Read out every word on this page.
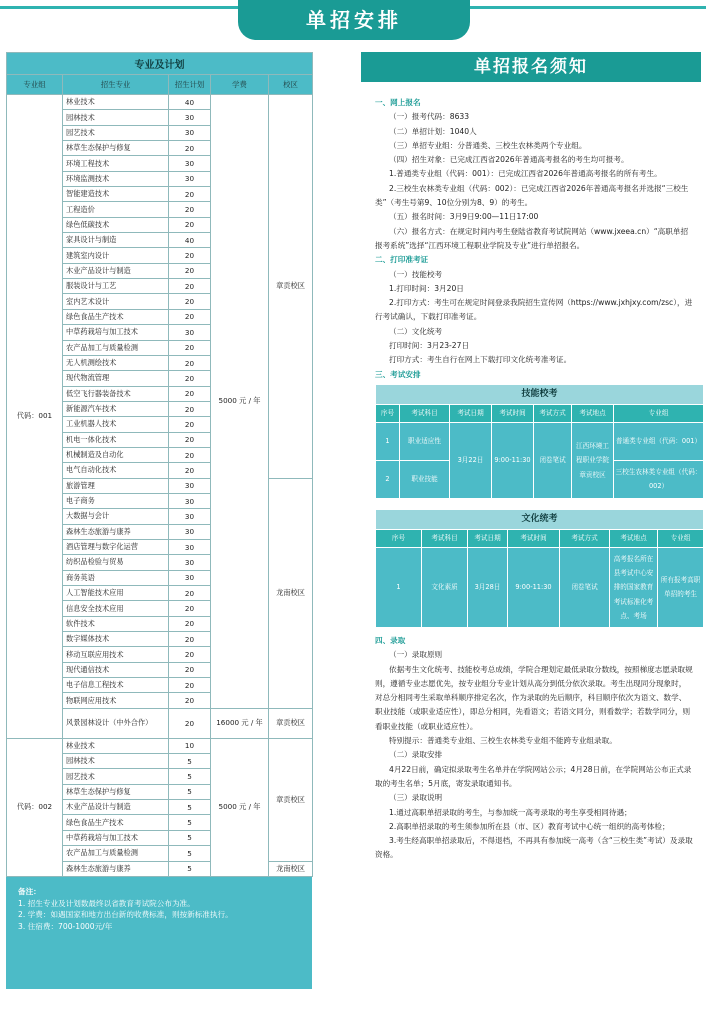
单招安排
专业及计划				
专业组	招生专业	招生计划	学费	校区
代码：001	林业技术	40	5000 元 / 年	章贡校区
	园林技术	30		
	园艺技术	30		
	林草生态保护与修复	20		
	环境工程技术	30		
	环境监测技术	30		
	智能建造技术	20		
	工程造价	20		
	绿色低碳技术	20		
	家具设计与制造	40		
	建筑室内设计	20		
	木业产品设计与制造	20		
	服装设计与工艺	20		
	室内艺术设计	20		
	绿色食品生产技术	20		
	中草药栽培与加工技术	30		
	农产品加工与质量检测	20		
	无人机测绘技术	20		
	现代物流管理	20		
	低空飞行器装备技术	20		
	新能源汽车技术	20		
	工业机器人技术	20		
	机电一体化技术	20		
	机械制造及自动化	20		
	电气自动化技术	20		
	旅游管理	30		龙南校区
	电子商务	30		
	大数据与会计	30		
	森林生态旅游与康养	30		
	酒店管理与数字化运营	30		
	纺织品检验与贸易	30		
	商务英语	30		
	人工智能技术应用	20		
	信息安全技术应用	20		
	软件技术	20		
	数字媒体技术	20		
	移动互联应用技术	20		
	现代通信技术	20		
	电子信息工程技术	20		
	物联网应用技术	20		
	风景园林设计（中外合作）	20	16000 元 / 年	章贡校区
代码：002	林业技术	10	5000 元 / 年	章贡校区
	园林技术	5		
	园艺技术	5		
	林草生态保护与修复	5		
	木业产品设计与制造	5		
	绿色食品生产技术	5		
	中草药栽培与加工技术	5		
	农产品加工与质量检测	5		
	森林生态旅游与康养	5		龙南校区
备注：
1. 招生专业及计划数最终以省教育考试院公布为准。
2. 学费：如遇国家和地方出台新的收费标准，则按新标准执行。
3. 住宿费：700-1000元/年
单招报名须知

一、网上报名

（一）报考代码：8633

（二）单招计划：1040人

（三）单招专业组：分普通类、三校生农林类两个专业组。

（四）招生对象：已完成江西省2026年普通高考报名的考生均可报考。

1.普通类专业组（代码：001）：已完成江西省2026年普通高考报名的所有考生。

2.三校生农林类专业组（代码：002）：已完成江西省2026年普通高考报名并选报“三校生类”（考生号第9、10位分别为8、9）的考生。

（五）报名时间：3月9日9:00—11日17:00

（六）报名方式：在规定时间内考生登陆省教育考试院网站（www.jxeea.cn）“高职单招报考系统”选择“江西环境工程职业学院及专业”进行单招报名。

二、打印准考证

（一）技能校考

1.打印时间：3月20日

2.打印方式：考生可在规定时间登录我院招生宣传网（https://www.jxhjxy.com/zsc），进行考试确认，下载打印准考证。

（二）文化统考

打印时间：3月23-27日

打印方式：考生自行在网上下载打印文化统考准考证。

三、考试安排

技能校考						
序号	考试科目	考试日期	考试时间	考试方式	考试地点	专业组
1	职业适应性	3月22日	9:00-11:30	闭卷笔试	江西环境工程职业学院章贡校区	普通类专业组（代码：001）
2	职业技能					三校生农林类专业组（代码：002）
文化统考						
序号	考试科目	考试日期	考试时间	考试方式	考试地点	专业组
1	文化素质	3月28日	9:00-11:30	闭卷笔试	高考报名所在县考试中心安排的国家教育考试标准化考点、考场	所有报考高职单招的考生

四、录取

（一）录取原则

依据考生文化统考、技能校考总成绩，学院合理划定最低录取分数线，按照梯度志愿录取规则，遵循专业志愿优先，按专业组分专业计划从高分到低分依次录取。考生出现同分现象时，对总分相同考生采取单科顺序排定名次，作为录取的先后顺序，科目顺序依次为语文、数学、职业技能（或职业适应性），即总分相同，先看语文；若语文同分，则看数学；若数学同分，则看职业技能（或职业适应性）。

特别提示：普通类专业组、三校生农林类专业组不能跨专业组录取。

（二）录取安排

4月22日前，确定拟录取考生名单并在学院网站公示；4月28日前，在学院网站公布正式录取的考生名单；5月底，寄发录取通知书。

（三）录取说明

1.通过高职单招录取的考生，与参加统一高考录取的考生享受相同待遇；

2.高职单招录取的考生须参加所在县（市、区）教育考试中心统一组织的高考体检；

3.考生经高职单招录取后，不得退档，不再具有参加统一高考（含“三校生类”考试）及录取资格。
